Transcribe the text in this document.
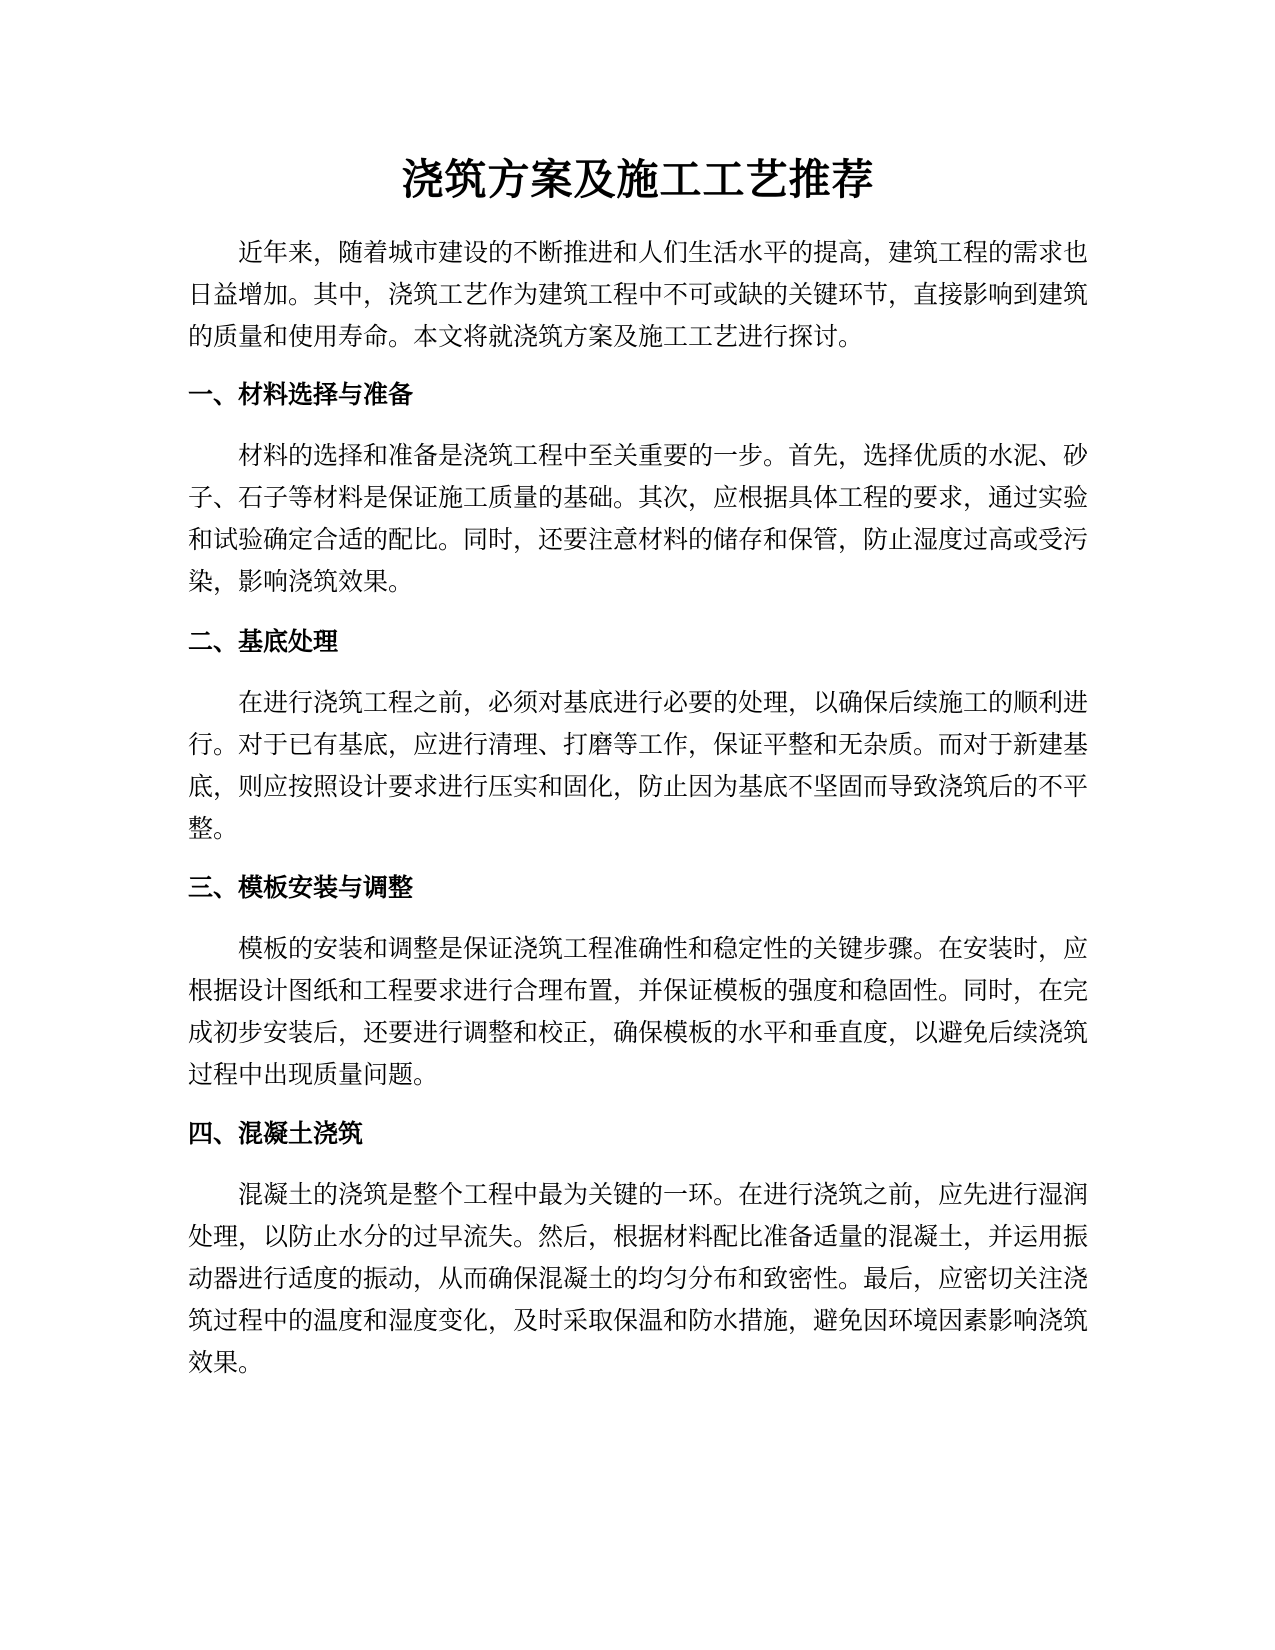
浇筑方案及施工工艺推荐

近年来，随着城市建设的不断推进和人们生活水平的提高，建筑工程的需求也日益增加。其中，浇筑工艺作为建筑工程中不可或缺的关键环节，直接影响到建筑的质量和使用寿命。本文将就浇筑方案及施工工艺进行探讨。

一、材料选择与准备

材料的选择和准备是浇筑工程中至关重要的一步。首先，选择优质的水泥、砂子、石子等材料是保证施工质量的基础。其次，应根据具体工程的要求，通过实验和试验确定合适的配比。同时，还要注意材料的储存和保管，防止湿度过高或受污染，影响浇筑效果。

二、基底处理

在进行浇筑工程之前，必须对基底进行必要的处理，以确保后续施工的顺利进行。对于已有基底，应进行清理、打磨等工作，保证平整和无杂质。而对于新建基底，则应按照设计要求进行压实和固化，防止因为基底不坚固而导致浇筑后的不平整。

三、模板安装与调整

模板的安装和调整是保证浇筑工程准确性和稳定性的关键步骤。在安装时，应根据设计图纸和工程要求进行合理布置，并保证模板的强度和稳固性。同时，在完成初步安装后，还要进行调整和校正，确保模板的水平和垂直度，以避免后续浇筑过程中出现质量问题。

四、混凝土浇筑

混凝土的浇筑是整个工程中最为关键的一环。在进行浇筑之前，应先进行湿润处理，以防止水分的过早流失。然后，根据材料配比准备适量的混凝土，并运用振动器进行适度的振动，从而确保混凝土的均匀分布和致密性。最后，应密切关注浇筑过程中的温度和湿度变化，及时采取保温和防水措施，避免因环境因素影响浇筑效果。
